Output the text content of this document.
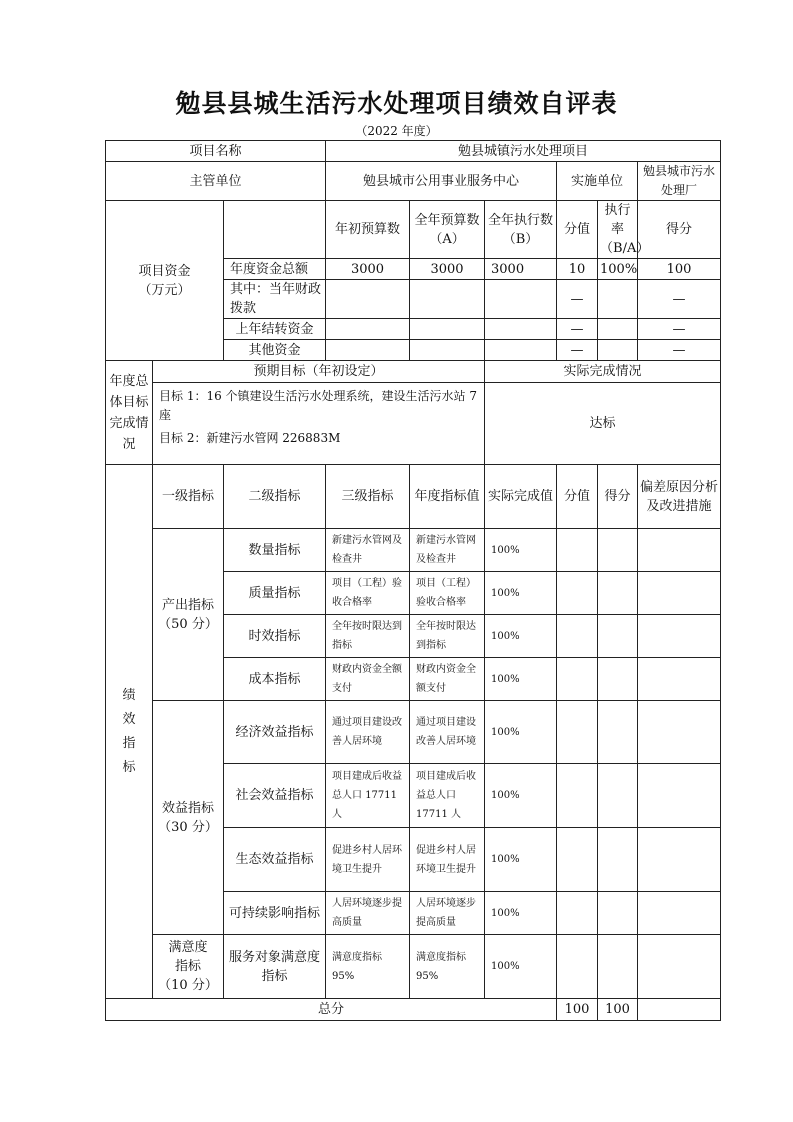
勉县县城生活污水处理项目绩效自评表
（2022 年度）
项目名称			勉县城镇污水处理项目					
主管单位			勉县城市公用事业服务中心			实施单位		勉县城市污水处理厂

项目资金
（万元）			年初预算数	全年预算数（A）	全年执行数（B）	分值	执行率（B/A）	得分
		年度资金总额	3000	3000	3000	10	100%	100
		其中：当年财政拨款				—		—
		上年结转资金				—		—
		其他资金				—		—
年度总体目标完成情况	预期目标（年初设定）				实际完成情况			

	目标 1：16 个镇建设生活污水处理系统，建设生活污水站 7 座
目标 2：新建污水管网 226883M				达标			

绩效指标	一级指标	二级指标	三级指标	年度指标值	实际完成值	分值	得分	偏差原因分析及改进措施

	产出指标
（50 分）	数量指标	新建污水管网及检查井	新建污水管网及检查井	100%			
		质量指标	项目（工程）验收合格率	项目（工程）验收合格率	100%			
		时效指标	全年按时限达到指标	全年按时限达到指标	100%			
		成本指标	财政内资金全额支付	财政内资金全额支付	100%			

	效益指标
（30 分）	经济效益指标	通过项目建设改善人居环境	通过项目建设改善人居环境	100%			
		社会效益指标	项目建成后收益总人口 17711 人	项目建成后收益总人口 17711 人	100%			
		生态效益指标	促进乡村人居环境卫生提升	促进乡村人居环境卫生提升	100%			
		可持续影响指标	人居环境逐步提高质量	人居环境逐步提高质量	100%			

	满意度指标
（10 分）	服务对象满意度指标	满意度指标 95%	满意度指标 95%	100%			
总分						100	100	
